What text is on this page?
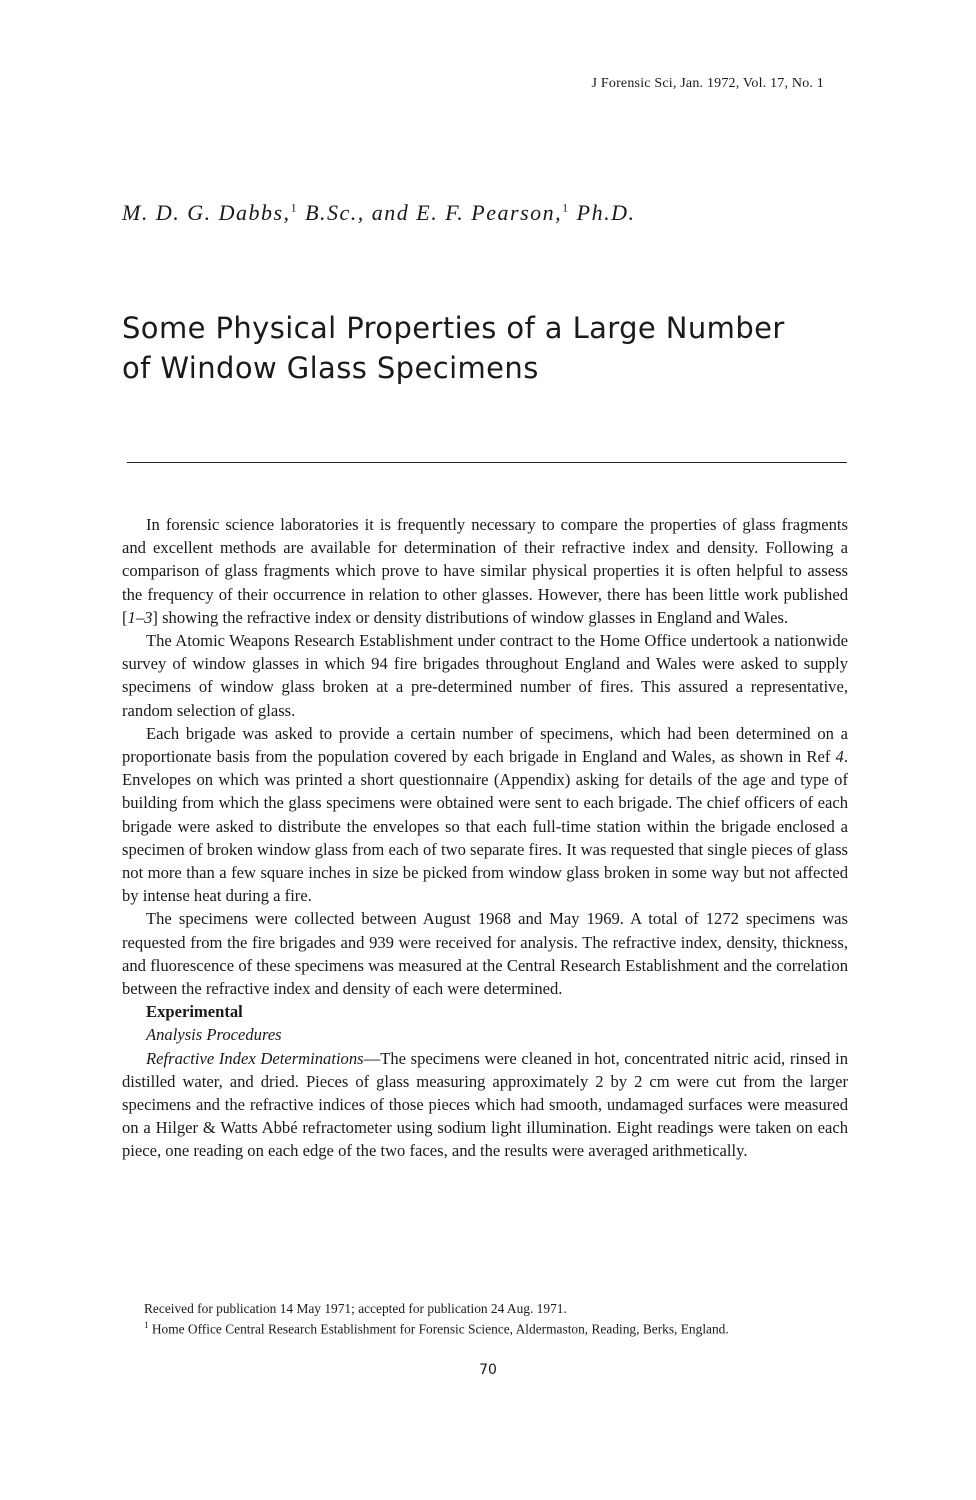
J Forensic Sci, Jan. 1972, Vol. 17, No. 1
M. D. G. Dabbs,$^1$ B.Sc., and E. F. Pearson,$^1$ Ph.D.
Some Physical Properties of a Large Number
of Window Glass Specimens

In forensic science laboratories it is frequently necessary to compare the properties of glass fragments and excellent methods are available for determination of their refractive index and density. Following a comparison of glass fragments which prove to have similar physical properties it is often helpful to assess the frequency of their occurrence in relation to other glasses. However, there has been little work published [1–3] showing the refractive index or density distributions of window glasses in England and Wales.

The Atomic Weapons Research Establishment under contract to the Home Office undertook a nationwide survey of window glasses in which 94 fire brigades throughout England and Wales were asked to supply specimens of window glass broken at a pre-determined number of fires. This assured a representative, random selection of glass.

Each brigade was asked to provide a certain number of specimens, which had been determined on a proportionate basis from the population covered by each brigade in England and Wales, as shown in Ref 4. Envelopes on which was printed a short questionnaire (Appendix) asking for details of the age and type of building from which the glass specimens were obtained were sent to each brigade. The chief officers of each brigade were asked to distribute the envelopes so that each full-time station within the brigade enclosed a specimen of broken window glass from each of two separate fires. It was requested that single pieces of glass not more than a few square inches in size be picked from window glass broken in some way but not affected by intense heat during a fire.

The specimens were collected between August 1968 and May 1969. A total of 1272 specimens was requested from the fire brigades and 939 were received for analysis. The refractive index, density, thickness, and fluorescence of these specimens was measured at the Central Research Establishment and the correlation between the refractive index and density of each were determined.

Experimental

Analysis Procedures

Refractive Index Determinations—The specimens were cleaned in hot, concentrated nitric acid, rinsed in distilled water, and dried. Pieces of glass measuring approximately 2 by 2 cm were cut from the larger specimens and the refractive indices of those pieces which had smooth, undamaged surfaces were measured on a Hilger & Watts Abbé refractometer using sodium light illumination. Eight readings were taken on each piece, one reading on each edge of the two faces, and the results were averaged arithmetically.

Received for publication 14 May 1971; accepted for publication 24 Aug. 1971.

$^1$ Home Office Central Research Establishment for Forensic Science, Aldermaston, Reading, Berks, England.

70
